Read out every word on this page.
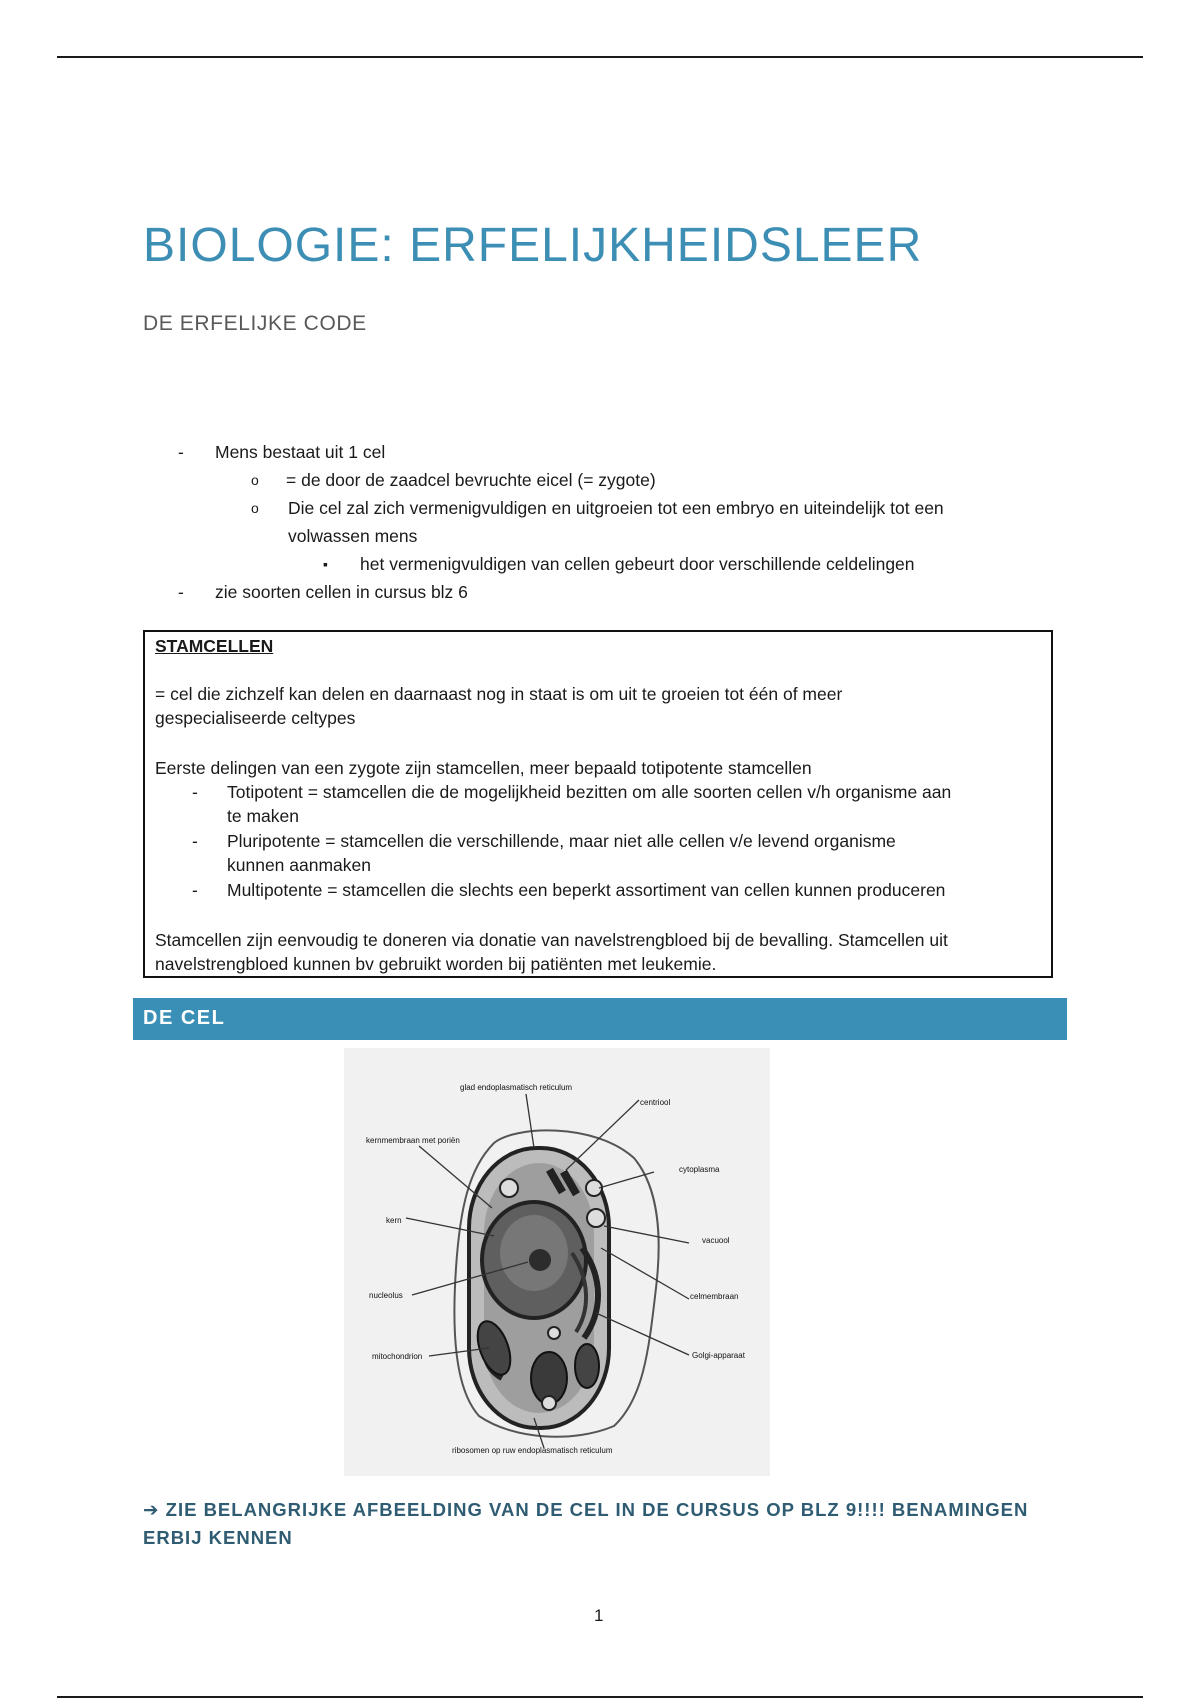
BIOLOGIE: ERFELIJKHEIDSLEER
DE ERFELIJKE CODE
- Mens bestaat uit 1 cel
o = de door de zaadcel bevruchte eicel (= zygote)
o Die cel zal zich vermenigvuldigen en uitgroeien tot een embryo en uiteindelijk tot een
volwassen mens
▪ het vermenigvuldigen van cellen gebeurt door verschillende celdelingen
- zie soorten cellen in cursus blz 6
STAMCELLEN
= cel die zichzelf kan delen en daarnaast nog in staat is om uit te groeien tot één of meer
gespecialiseerde celtypes
Eerste delingen van een zygote zijn stamcellen, meer bepaald totipotente stamcellen
- Totipotent = stamcellen die de mogelijkheid bezitten om alle soorten cellen v/h organisme aan
te maken
- Pluripotente = stamcellen die verschillende, maar niet alle cellen v/e levend organisme
kunnen aanmaken
- Multipotente = stamcellen die slechts een beperkt assortiment van cellen kunnen produceren
Stamcellen zijn eenvoudig te doneren via donatie van navelstrengbloed bij de bevalling. Stamcellen uit
navelstrengbloed kunnen bv gebruikt worden bij patiënten met leukemie.
DE CEL
glad endoplasmatisch reticulum
centriool
kernmembraan met poriën
cytoplasma
kern
vacuool
nucleolus	celmembraan
mitochondrion	Golgi-apparaat
ribosomen op ruw endoplasmatisch reticulum
➔ ZIE BELANGRIJKE AFBEELDING VAN DE CEL IN DE CURSUS OP BLZ 9!!!! BENAMINGEN ERBIJ KENNEN
1
